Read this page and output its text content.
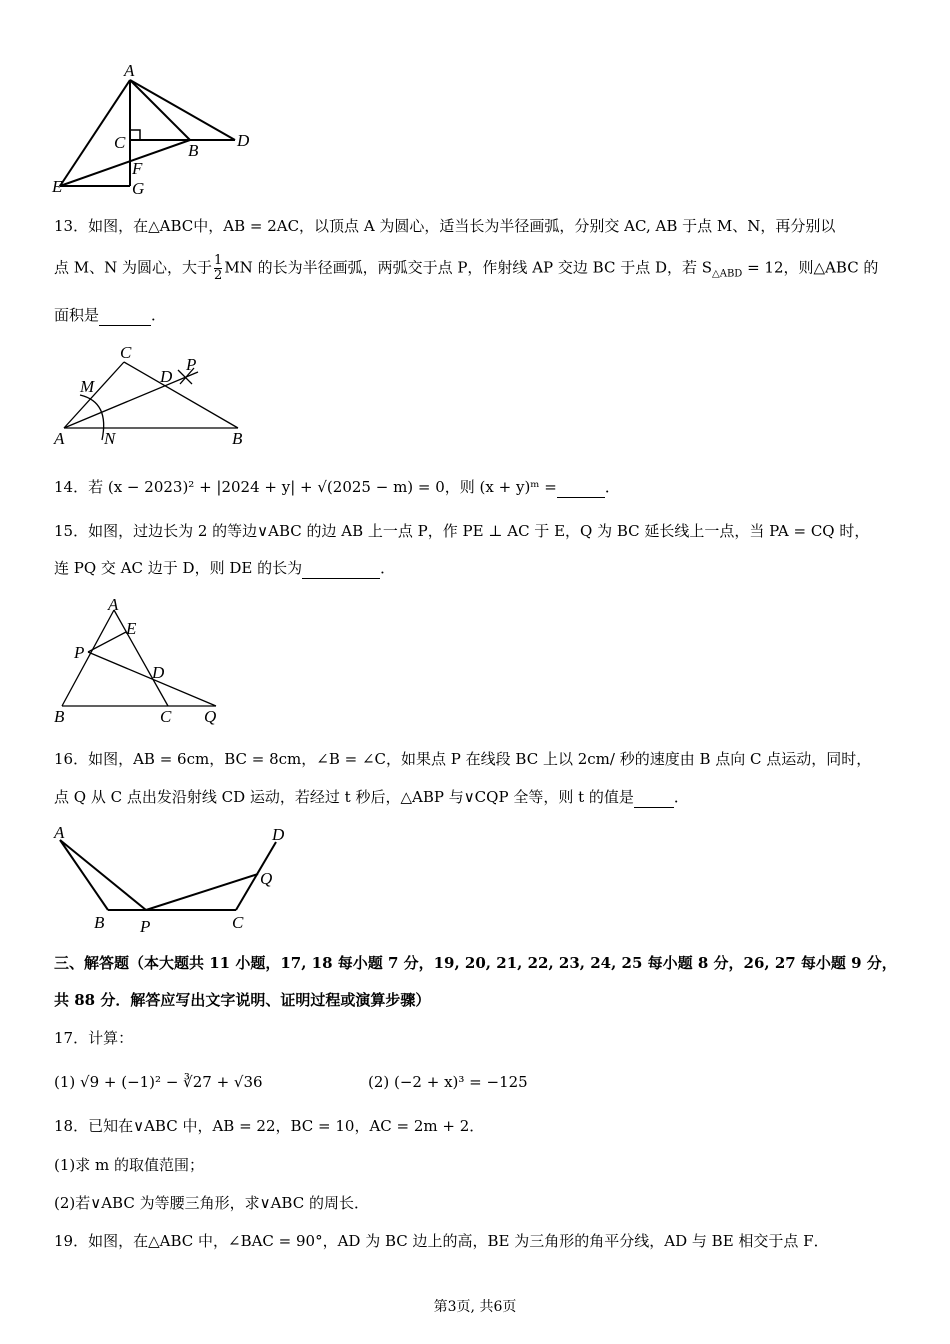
A
C	B
D
F
E	G
13．如图，在△ABC中，AB = 2AC，以顶点 A 为圆心，适当长为半径画弧，分别交 AC, AB 于点 M、N，再分别以
点 M、N 为圆心，大于 $\frac{1}{2}$ MN 的长为半径画弧，两弧交于点 P，作射线 AP 交边 BC 于点 D，若 $S_{\triangle ABD} = 12$，则△ABC 的
面积是	．
C
M
D
P
A N	B
14．若 (x − 2023)² + |2024 + y| + √(2025 − m) = 0，则 (x + y)ᵐ =	．
15．如图，过边长为 2 的等边∨ABC 的边 AB 上一点 P，作 PE ⊥ AC 于 E，Q 为 BC 延长线上一点，当 PA = CQ 时，
连 PQ 交 AC 边于 D，则 DE 的长为	．
A
E
P
D
B	C Q
16．如图，AB = 6cm，BC = 8cm，∠B = ∠C，如果点 P 在线段 BC 上以 2cm/ 秒的速度由 B 点向 C 点运动，同时，
点 Q 从 C 点出发沿射线 CD 运动，若经过 t 秒后，△ABP 与∨CQP 全等，则 t 的值是	．
A	D
Q
B P	C
三、解答题（本大题共 11 小题，17, 18 每小题 7 分，19, 20, 21, 22, 23, 24, 25 每小题 8 分，26, 27 每小题 9 分，
共 88 分．解答应写出文字说明、证明过程或演算步骤）
17．计算：
(1) √9 + (−1)² − ∛27 + √36	(2) (−2 + x)³ = −125
18．已知在∨ABC 中，AB = 22，BC = 10，AC = 2m + 2．
(1)求 m 的取值范围；
(2)若∨ABC 为等腰三角形，求∨ABC 的周长．
19．如图，在△ABC 中，∠BAC = 90°，AD 为 BC 边上的高，BE 为三角形的角平分线，AD 与 BE 相交于点 F．
第3页, 共6页
